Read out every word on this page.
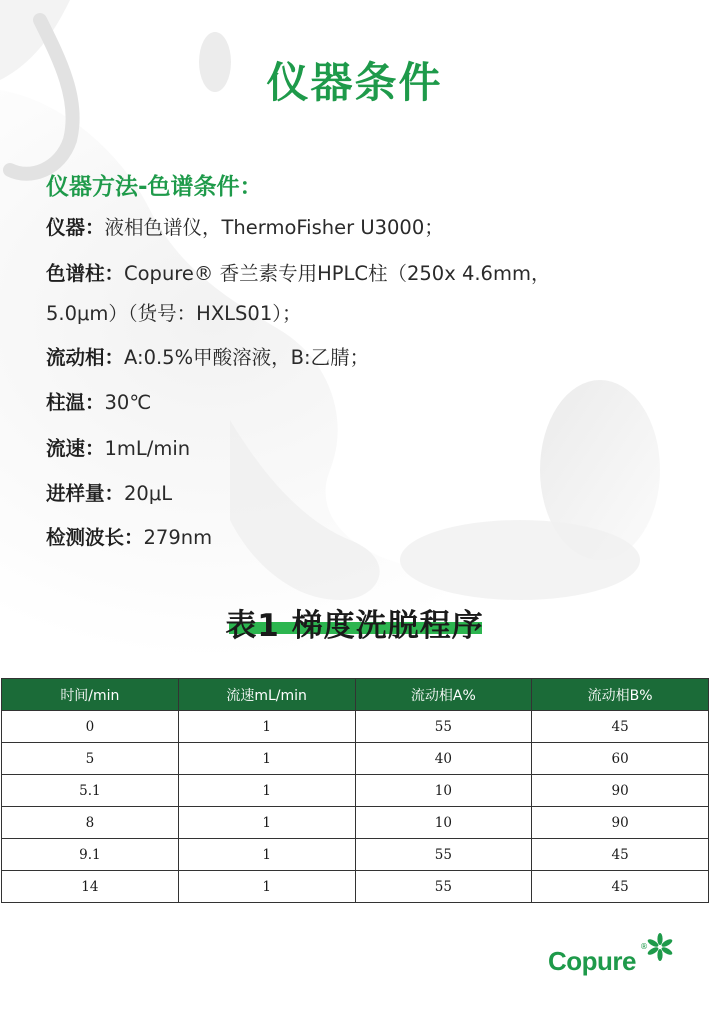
仪器条件
仪器方法-色谱条件：
仪器：液相色谱仪，ThermoFisher U3000；
色谱柱：Copure® 香兰素专用HPLC柱（250x 4.6mm，
5.0μm）（货号：HXLS01）；
流动相：A:0.5%甲酸溶液，B:乙腈；
柱温：30℃
流速：1mL/min
进样量：20μL
检测波长：279nm
表1 梯度洗脱程序
时间/min	流速mL/min	流动相A%	流动相B%
0	1	55	45
5	1	40	60
5.1	1	10	90
8	1	10	90
9.1	1	55	45
14	1	55	45
Copure ®
